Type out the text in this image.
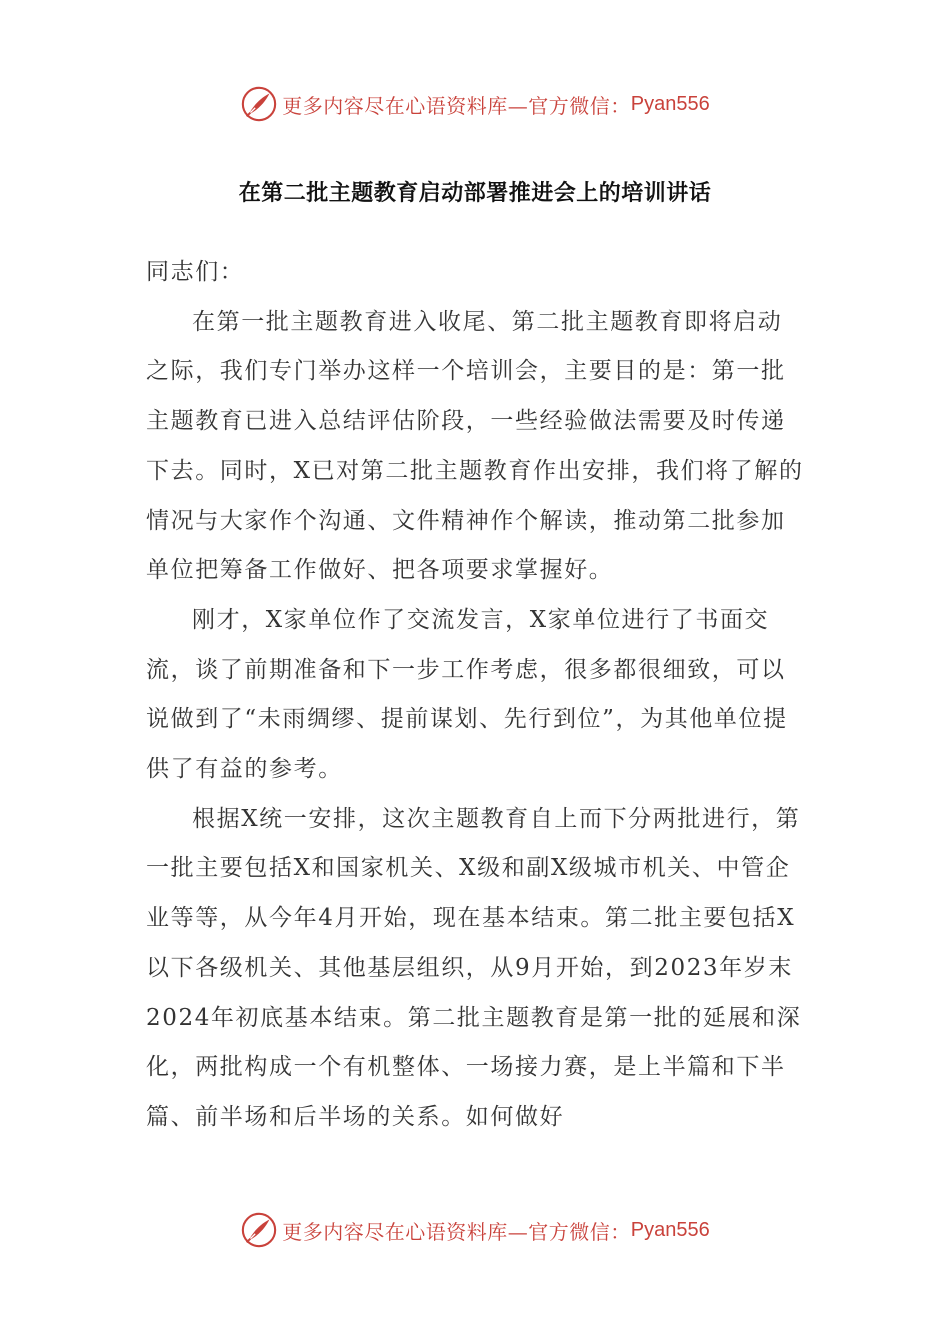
更多内容尽在心语资料库—官方微信： Pyan556
在第二批主题教育启动部署推进会上的培训讲话

同志们：

在第一批主题教育进入收尾、第二批主题教育即将启动之际，我们专门举办这样一个培训会，主要目的是：第一批主题教育已进入总结评估阶段，一些经验做法需要及时传递下去。同时，X已对第二批主题教育作出安排，我们将了解的情况与大家作个沟通、文件精神作个解读，推动第二批参加单位把筹备工作做好、把各项要求掌握好。

刚才，X家单位作了交流发言，X家单位进行了书面交流，谈了前期准备和下一步工作考虑，很多都很细致，可以说做到了“未雨绸缪、提前谋划、先行到位”，为其他单位提供了有益的参考。

根据X统一安排，这次主题教育自上而下分两批进行，第一批主要包括X和国家机关、X级和副X级城市机关、中管企业等等，从今年4月开始，现在基本结束。第二批主要包括X以下各级机关、其他基层组织，从9月开始，到2023年岁末2024年初底基本结束。第二批主题教育是第一批的延展和深化，两批构成一个有机整体、一场接力赛，是上半篇和下半篇、前半场和后半场的关系。如何做好

更多内容尽在心语资料库—官方微信： Pyan556
